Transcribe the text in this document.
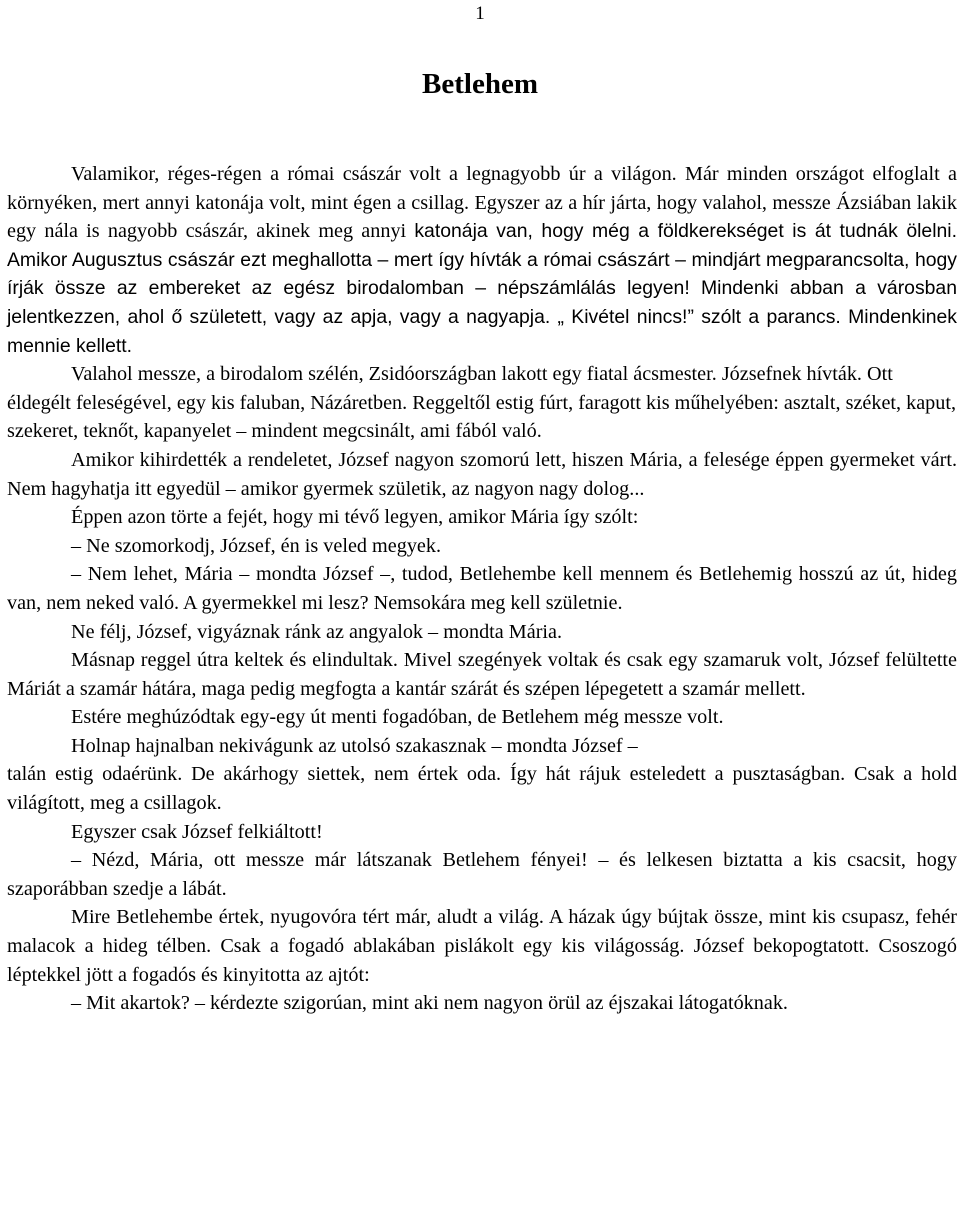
1
Betlehem

Valamikor, réges-régen a római császár volt a legnagyobb úr a világon. Már minden országot elfoglalt a környéken, mert annyi katonája volt, mint égen a csillag. Egyszer az a hír járta, hogy valahol, messze Ázsiában lakik egy nála is nagyobb császár, akinek meg annyi katonája van, hogy még a földkerekséget is át tudnák ölelni. Amikor Augusztus császár ezt meghallotta – mert így hívták a római császárt – mindjárt megparancsolta, hogy írják össze az embereket az egész birodalomban – népszámlálás legyen! Mindenki abban a városban jelentkezzen, ahol ő született, vagy az apja, vagy a nagyapja. „ Kivétel nincs!” szólt a parancs. Mindenkinek mennie kellett.

Valahol messze, a birodalom szélén, Zsidóországban lakott egy fiatal ácsmester. Józsefnek hívták. Ott éldegélt feleségével, egy kis faluban, Názáretben. Reggeltől estig fúrt, faragott kis műhelyében: asztalt, széket, kaput, szekeret, teknőt, kapanyelet – mindent megcsinált, ami fából való.

Amikor kihirdették a rendeletet, József nagyon szomorú lett, hiszen Mária, a felesége éppen gyermeket várt. Nem hagyhatja itt egyedül – amikor gyermek születik, az nagyon nagy dolog...

Éppen azon törte a fejét, hogy mi tévő legyen, amikor Mária így szólt:

– Ne szomorkodj, József, én is veled megyek.

– Nem lehet, Mária – mondta József –, tudod, Betlehembe kell mennem és Betlehemig hosszú az út, hideg van, nem neked való. A gyermekkel mi lesz? Nemsokára meg kell születnie.

Ne félj, József, vigyáznak ránk az angyalok – mondta Mária.

Másnap reggel útra keltek és elindultak. Mivel szegények voltak és csak egy szamaruk volt, József felültette Máriát a szamár hátára, maga pedig megfogta a kantár szárát és szépen lépegetett a szamár mellett.

Estére meghúzódtak egy-egy út menti fogadóban, de Betlehem még messze volt.

Holnap hajnalban nekivágunk az utolsó szakasznak – mondta József –

talán estig odaérünk. De akárhogy siettek, nem értek oda. Így hát rájuk esteledett a pusztaságban. Csak a hold világított, meg a csillagok.

Egyszer csak József felkiáltott!

– Nézd, Mária, ott messze már látszanak Betlehem fényei! – és lelkesen biztatta a kis csacsit, hogy szaporábban szedje a lábát.

Mire Betlehembe értek, nyugovóra tért már, aludt a világ. A házak úgy bújtak össze, mint kis csupasz, fehér malacok a hideg télben. Csak a fogadó ablakában pislákolt egy kis világosság. József bekopogtatott. Csoszogó léptekkel jött a fogadós és kinyitotta az ajtót:

– Mit akartok? – kérdezte szigorúan, mint aki nem nagyon örül az éjszakai látogatóknak.
